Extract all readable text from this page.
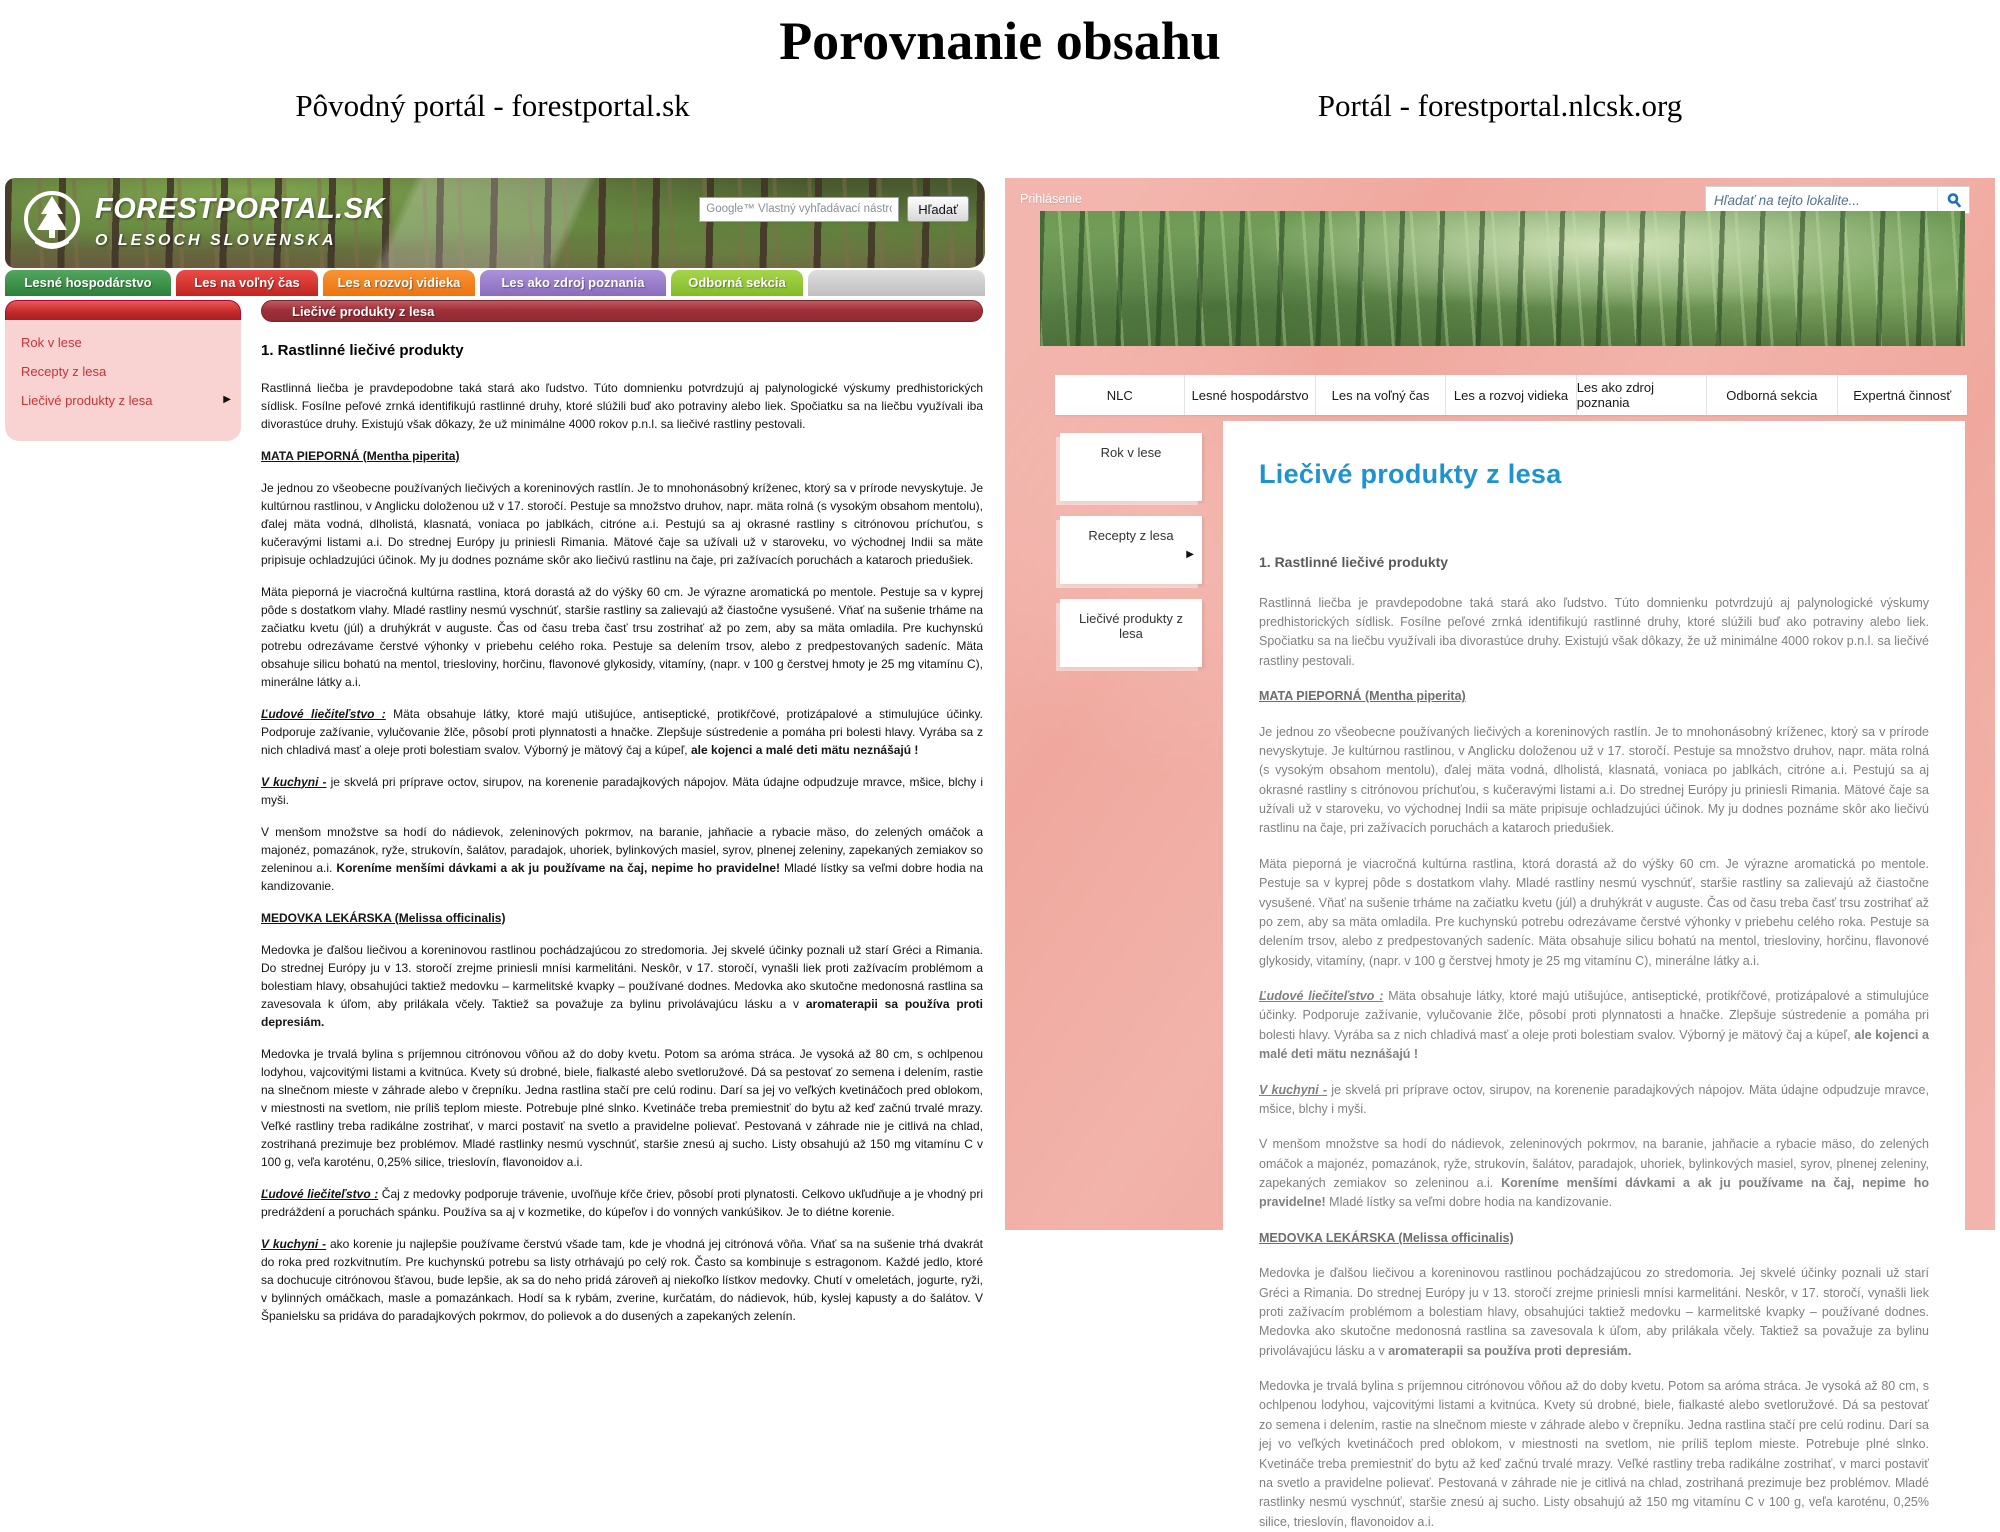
Porovnanie obsahu
Pôvodný portál - forestportal.sk	Portál - forestportal.nlcsk.org
FORESTPORTAL.SK
O LESOCH SLOVENSKA
Google™ Vlastný vyhľadávací nástroj
Hľadať
Lesné hospodárstvo	Les na voľný čas	Les a rozvoj vidieka	Les ako zdroj poznania	Odborná sekcia
Rok v lese
Recepty z lesa
Liečivé produkty z lesa	▶
Liečivé produkty z lesa
1. Rastlinné liečivé produkty

Rastlinná liečba je pravdepodobne taká stará ako ľudstvo. Túto domnienku potvrdzujú aj palynologické výskumy predhistorických sídlisk. Fosílne peľové zrnká identifikujú rastlinné druhy, ktoré slúžili buď ako potraviny alebo liek. Spočiatku sa na liečbu využívali iba divorastúce druhy. Existujú však dôkazy, že už minimálne 4000 rokov p.n.l. sa liečivé rastliny pestovali.

MATA PIEPORNÁ (Mentha piperita)

Je jednou zo všeobecne používaných liečivých a koreninových rastlín. Je to mnohonásobný kríženec, ktorý sa v prírode nevyskytuje. Je kultúrnou rastlinou, v Anglicku doloženou už v 17. storočí. Pestuje sa množstvo druhov, napr. mäta rolná (s vysokým obsahom mentolu), ďalej mäta vodná, dlholistá, klasnatá, voniaca po jablkách, citróne a.i. Pestujú sa aj okrasné rastliny s citrónovou príchuťou, s kučeravými listami a.i. Do strednej Európy ju priniesli Rimania. Mätové čaje sa užívali už v staroveku, vo východnej Indii sa mäte pripisuje ochladzujúci účinok. My ju dodnes poznáme skôr ako liečivú rastlinu na čaje, pri zažívacích poruchách a kataroch priedušiek.

Mäta pieporná je viacročná kultúrna rastlina, ktorá dorastá až do výšky 60 cm. Je výrazne aromatická po mentole. Pestuje sa v kyprej pôde s dostatkom vlahy. Mladé rastliny nesmú vyschnúť, staršie rastliny sa zalievajú až čiastočne vysušené. Vňať na sušenie trháme na začiatku kvetu (júl) a druhýkrát v auguste. Čas od času treba časť trsu zostrihať až po zem, aby sa mäta omladila. Pre kuchynskú potrebu odrezávame čerstvé výhonky v priebehu celého roka. Pestuje sa delením trsov, alebo z predpestovaných sadeníc. Mäta obsahuje silicu bohatú na mentol, triesloviny, horčinu, flavonové glykosidy, vitamíny, (napr. v 100 g čerstvej hmoty je 25 mg vitamínu C), minerálne látky a.i.

Ľudové liečiteľstvo : Mäta obsahuje látky, ktoré majú utišujúce, antiseptické, protikŕčové, protizápalové a stimulujúce účinky. Podporuje zažívanie, vylučovanie žlče, pôsobí proti plynnatosti a hnačke. Zlepšuje sústredenie a pomáha pri bolesti hlavy. Vyrába sa z nich chladivá masť a oleje proti bolestiam svalov. Výborný je mätový čaj a kúpeľ, ale kojenci a malé deti mätu neznášajú !

V kuchyni - je skvelá pri príprave octov, sirupov, na korenenie paradajkových nápojov. Mäta údajne odpudzuje mravce, mšice, blchy i myši.

V menšom množstve sa hodí do nádievok, zeleninových pokrmov, na baranie, jahňacie a rybacie mäso, do zelených omáčok a majonéz, pomazánok, ryže, strukovín, šalátov, paradajok, uhoriek, bylinkových masiel, syrov, plnenej zeleniny, zapekaných zemiakov so zeleninou a.i. Koreníme menšími dávkami a ak ju používame na čaj, nepime ho pravidelne! Mladé lístky sa veľmi dobre hodia na kandizovanie.

MEDOVKA LEKÁRSKA (Melissa officinalis)

Medovka je ďalšou liečivou a koreninovou rastlinou pochádzajúcou zo stredomoria. Jej skvelé účinky poznali už starí Gréci a Rimania. Do strednej Európy ju v 13. storočí zrejme priniesli mnísi karmelitáni. Neskôr, v 17. storočí, vynašli liek proti zažívacím problémom a bolestiam hlavy, obsahujúci taktiež medovku – karmelitské kvapky – používané dodnes. Medovka ako skutočne medonosná rastlina sa zavesovala k úľom, aby prilákala včely. Taktiež sa považuje za bylinu privolávajúcu lásku a v aromaterapii sa používa proti depresiám.

Medovka je trvalá bylina s príjemnou citrónovou vôňou až do doby kvetu. Potom sa aróma stráca. Je vysoká až 80 cm, s ochlpenou lodyhou, vajcovitými listami a kvitnúca. Kvety sú drobné, biele, fialkasté alebo svetloružové. Dá sa pestovať zo semena i delením, rastie na slnečnom mieste v záhrade alebo v črepníku. Jedna rastlina stačí pre celú rodinu. Darí sa jej vo veľkých kvetináčoch pred oblokom, v miestnosti na svetlom, nie príliš teplom mieste. Potrebuje plné slnko. Kvetináče treba premiestniť do bytu až keď začnú trvalé mrazy. Veľké rastliny treba radikálne zostrihať, v marci postaviť na svetlo a pravidelne polievať. Pestovaná v záhrade nie je citlivá na chlad, zostrihaná prezimuje bez problémov. Mladé rastlinky nesmú vyschnúť, staršie znesú aj sucho. Listy obsahujú až 150 mg vitamínu C v 100 g, veľa karoténu, 0,25% silice, trieslovín, flavonoidov a.i.

Ľudové liečiteľstvo : Čaj z medovky podporuje trávenie, uvoľňuje kŕče čriev, pôsobí proti plynatosti. Celkovo ukľudňuje a je vhodný pri predráždení a poruchách spánku. Používa sa aj v kozmetike, do kúpeľov i do vonných vankúšikov. Je to diétne korenie.

V kuchyni - ako korenie ju najlepšie používame čerstvú všade tam, kde je vhodná jej citrónová vôňa. Vňať sa na sušenie trhá dvakrát do roka pred rozkvitnutím. Pre kuchynskú potrebu sa listy otrhávajú po celý rok. Často sa kombinuje s estragonom. Každé jedlo, ktoré sa dochucuje citrónovou šťavou, bude lepšie, ak sa do neho pridá zároveň aj niekoľko lístkov medovky. Chutí v omeletách, jogurte, ryži, v bylinných omáčkach, masle a pomazánkach. Hodí sa k rybám, zverine, kurčatám, do nádievok, húb, kyslej kapusty a do šalátov. V Španielsku sa pridáva do paradajkových pokrmov, do polievok a do dusených a zapekaných zelenín.

Prihlásenie
Hľadať na tejto lokalite...
NLC	Lesné hospodárstvo	Les na voľný čas	Les a rozvoj vidieka Les ako zdroj poznania	Odborná sekcia	Expertná činnosť
Rok v lese
Recepty z lesa
▶
Liečivé produkty z lesa
Liečivé produkty z lesa
1. Rastlinné liečivé produkty

Rastlinná liečba je pravdepodobne taká stará ako ľudstvo. Túto domnienku potvrdzujú aj palynologické výskumy predhistorických sídlisk. Fosílne peľové zrnká identifikujú rastlinné druhy, ktoré slúžili buď ako potraviny alebo liek. Spočiatku sa na liečbu využívali iba divorastúce druhy. Existujú však dôkazy, že už minimálne 4000 rokov p.n.l. sa liečivé rastliny pestovali.

MATA PIEPORNÁ (Mentha piperita)

Je jednou zo všeobecne používaných liečivých a koreninových rastlín. Je to mnohonásobný kríženec, ktorý sa v prírode nevyskytuje. Je kultúrnou rastlinou, v Anglicku doloženou už v 17. storočí. Pestuje sa množstvo druhov, napr. mäta rolná (s vysokým obsahom mentolu), ďalej mäta vodná, dlholistá, klasnatá, voniaca po jablkách, citróne a.i. Pestujú sa aj okrasné rastliny s citrónovou príchuťou, s kučeravými listami a.i. Do strednej Európy ju priniesli Rimania. Mätové čaje sa užívali už v staroveku, vo východnej Indii sa mäte pripisuje ochladzujúci účinok. My ju dodnes poznáme skôr ako liečivú rastlinu na čaje, pri zažívacích poruchách a kataroch priedušiek.

Mäta pieporná je viacročná kultúrna rastlina, ktorá dorastá až do výšky 60 cm. Je výrazne aromatická po mentole. Pestuje sa v kyprej pôde s dostatkom vlahy. Mladé rastliny nesmú vyschnúť, staršie rastliny sa zalievajú až čiastočne vysušené. Vňať na sušenie trháme na začiatku kvetu (júl) a druhýkrát v auguste. Čas od času treba časť trsu zostrihať až po zem, aby sa mäta omladila. Pre kuchynskú potrebu odrezávame čerstvé výhonky v priebehu celého roka. Pestuje sa delením trsov, alebo z predpestovaných sadeníc. Mäta obsahuje silicu bohatú na mentol, triesloviny, horčinu, flavonové glykosidy, vitamíny, (napr. v 100 g čerstvej hmoty je 25 mg vitamínu C), minerálne látky a.i.

Ľudové liečiteľstvo : Mäta obsahuje látky, ktoré majú utišujúce, antiseptické, protikŕčové, protizápalové a stimulujúce účinky. Podporuje zažívanie, vylučovanie žlče, pôsobí proti plynnatosti a hnačke. Zlepšuje sústredenie a pomáha pri bolesti hlavy. Vyrába sa z nich chladivá masť a oleje proti bolestiam svalov. Výborný je mätový čaj a kúpeľ, ale kojenci a malé deti mätu neznášajú !

V kuchyni - je skvelá pri príprave octov, sirupov, na korenenie paradajkových nápojov. Mäta údajne odpudzuje mravce, mšice, blchy i myši.

V menšom množstve sa hodí do nádievok, zeleninových pokrmov, na baranie, jahňacie a rybacie mäso, do zelených omáčok a majonéz, pomazánok, ryže, strukovín, šalátov, paradajok, uhoriek, bylinkových masiel, syrov, plnenej zeleniny, zapekaných zemiakov so zeleninou a.i. Koreníme menšími dávkami a ak ju používame na čaj, nepime ho pravidelne! Mladé lístky sa veľmi dobre hodia na kandizovanie.

MEDOVKA LEKÁRSKA (Melissa officinalis)

Medovka je ďalšou liečivou a koreninovou rastlinou pochádzajúcou zo stredomoria. Jej skvelé účinky poznali už starí Gréci a Rimania. Do strednej Európy ju v 13. storočí zrejme priniesli mnísi karmelitáni. Neskôr, v 17. storočí, vynašli liek proti zažívacím problémom a bolestiam hlavy, obsahujúci taktiež medovku – karmelitské kvapky – používané dodnes. Medovka ako skutočne medonosná rastlina sa zavesovala k úľom, aby prilákala včely. Taktiež sa považuje za bylinu privolávajúcu lásku a v aromaterapii sa používa proti depresiám.

Medovka je trvalá bylina s príjemnou citrónovou vôňou až do doby kvetu. Potom sa aróma stráca. Je vysoká až 80 cm, s ochlpenou lodyhou, vajcovitými listami a kvitnúca. Kvety sú drobné, biele, fialkasté alebo svetloružové. Dá sa pestovať zo semena i delením, rastie na slnečnom mieste v záhrade alebo v črepníku. Jedna rastlina stačí pre celú rodinu. Darí sa jej vo veľkých kvetináčoch pred oblokom, v miestnosti na svetlom, nie príliš teplom mieste. Potrebuje plné slnko. Kvetináče treba premiestniť do bytu až keď začnú trvalé mrazy. Veľké rastliny treba radikálne zostrihať, v marci postaviť na svetlo a pravidelne polievať. Pestovaná v záhrade nie je citlivá na chlad, zostrihaná prezimuje bez problémov. Mladé rastlinky nesmú vyschnúť, staršie znesú aj sucho. Listy obsahujú až 150 mg vitamínu C v 100 g, veľa karoténu, 0,25% silice, trieslovín, flavonoidov a.i.
